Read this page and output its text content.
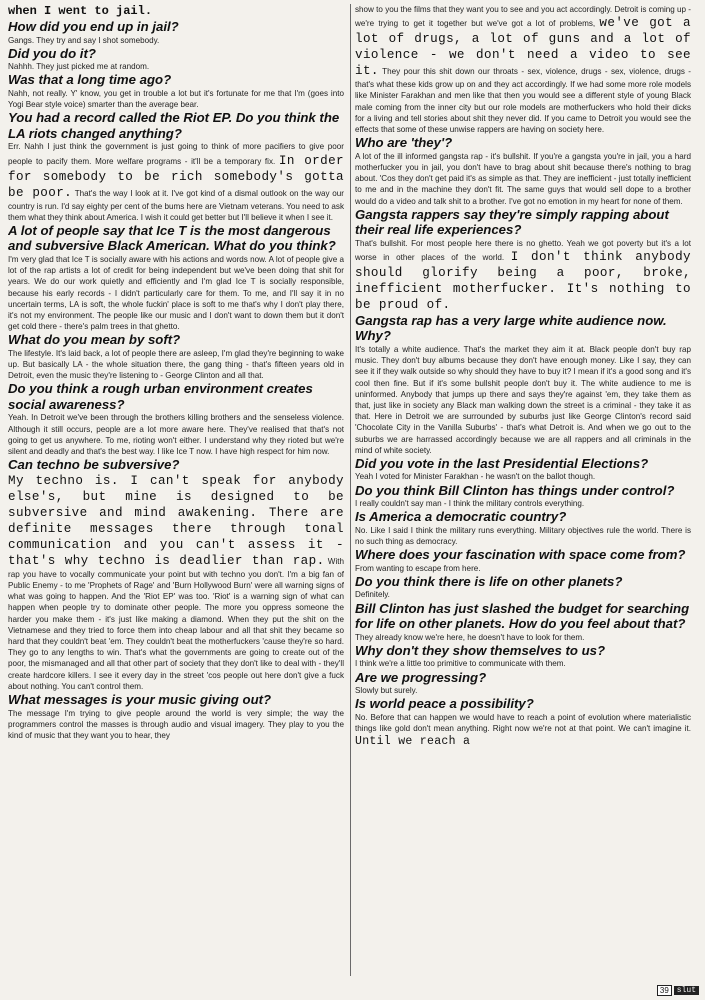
when I went to jail.

How did you end up in jail?

Gangs. They try and say I shot somebody.

Did you do it?

Nahhh. They just picked me at random.

Was that a long time ago?

Nahh, not really. Y' know, you get in trouble a lot but it's fortunate for me that I'm (goes into Yogi Bear style voice) smarter than the average bear.

You had a record called the Riot EP. Do you think the LA riots changed anything?

Err. Nahh I just think the government is just going to think of more pacifiers to give poor people to pacify them. More welfare programs - it'll be a temporary fix. In order for somebody to be rich somebody's gotta be poor. That's the way I look at it. I've got kind of a dismal outlook on the way our country is run. I'd say eighty per cent of the bums here are Vietnam veterans. You need to ask them what they think about America. I wish it could get better but I'll believe it when I see it.

A lot of people say that Ice T is the most dangerous and subversive Black American. What do you think?

I'm very glad that Ice T is socially aware with his actions and words now. A lot of people give a lot of the rap artists a lot of credit for being independent but we've been doing that shit for years. We do our work quietly and efficiently and I'm glad Ice T is socially responsible, because his early records - I didn't particularly care for them. To me, and I'll say it in no uncertain terms, LA is soft, the whole fuckin' place is soft to me that's why I don't play there, it's not my environment. The people like our music and I don't want to down them but it don't get cold there - there's palm trees in that ghetto.

What do you mean by soft?

The lifestyle. It's laid back, a lot of people there are asleep, I'm glad they're beginning to wake up. But basically LA - the whole situation there, the gang thing - that's fifteen years old in Detroit, even the music they're listening to - George Clinton and all that.

Do you think a rough urban environment creates social awareness?

Yeah. In Detroit we've been through the brothers killing brothers and the senseless violence. Although it still occurs, people are a lot more aware here. They've realised that that's not going to get us anywhere. To me, rioting won't either. I understand why they rioted but we're silent and deadly and that's the best way. I like Ice T now. I have high respect for him now.

Can techno be subversive?

My techno is. I can't speak for anybody else's, but mine is designed to be subversive and mind awakening. There are definite messages there through tonal communication and you can't assess it - that's why techno is deadlier than rap. With rap you have to vocally communicate your point but with techno you don't. I'm a big fan of Public Enemy - to me 'Prophets of Rage' and 'Burn Hollywood Burn' were all warning signs of what was going to happen. And the 'Riot EP' was too. 'Riot' is a warning sign of what can happen when people try to dominate other people. The more you oppress someone the harder you make them - it's just like making a diamond. When they put the shit on the Vietnamese and they tried to force them into cheap labour and all that shit they became so hard that they couldn't beat 'em. They couldn't beat the motherfuckers 'cause they're so hard. They go to any lengths to win. That's what the governments are going to create out of the poor, the mismanaged and all that other part of society that they don't like to deal with - they'll create hardcore killers. I see it every day in the street 'cos people out here don't give a fuck about nothing. You can't control them.

What messages is your music giving out?

The message I'm trying to give people around the world is very simple; the way the programmers control the masses is through audio and visual imagery. They play to you the kind of music that they want you to hear, they

show to you the films that they want you to see and you act accordingly. Detroit is coming up - we're trying to get it together but we've got a lot of problems, we've got a lot of drugs, a lot of guns and a lot of violence - we don't need a video to see it. They pour this shit down our throats - sex, violence, drugs - sex, violence, drugs - that's what these kids grow up on and they act accordingly. If we had some more role models like Minister Farakhan and men like that then you would see a different style of young Black male coming from the inner city but our role models are motherfuckers who hold their dicks for a living and tell stories about shit they never did. If you came to Detroit you would see the effects that some of these unwise rappers are having on society here.

Who are 'they'?

A lot of the ill informed gangsta rap - it's bullshit. If you're a gangsta you're in jail, you a hard motherfucker you in jail, you don't have to brag about shit because there's nothing to brag about. 'Cos they don't get paid it's as simple as that. They are inefficient - just totally inefficient to me and in the machine they don't fit. The same guys that would sell dope to a brother would do a video and talk shit to a brother. I've got no emotion in my heart for none of them.

Gangsta rappers say they're simply rapping about their real life experiences?

That's bullshit. For most people here there is no ghetto. Yeah we got poverty but it's a lot worse in other places of the world. I don't think anybody should glorify being a poor, broke, inefficient motherfucker. It's nothing to be proud of.

Gangsta rap has a very large white audience now. Why?

It's totally a white audience. That's the market they aim it at. Black people don't buy rap music. They don't buy albums because they don't have enough money. Like I say, they can see it if they walk outside so why should they have to buy it? I mean if it's a good song and it's cool then fine. But if it's some bullshit people don't buy it. The white audience to me is uninformed. Anybody that jumps up there and says they're against 'em, they take them as that, just like in society any Black man walking down the street is a criminal - they take it as that. Here in Detroit we are surrounded by suburbs just like George Clinton's record said 'Chocolate City in the Vanilla Suburbs' - that's what Detroit is. And when we go out to the suburbs we are harrassed accordingly because we are all rappers and all criminals in the mind of white society.

Did you vote in the last Presidential Elections?

Yeah I voted for Minister Farakhan - he wasn't on the ballot though.

Do you think Bill Clinton has things under control?

I really couldn't say man - I think the military controls everything.

Is America a democratic country?

No. Like I said I think the military runs everything. Military objectives rule the world. There is no such thing as democracy.

Where does your fascination with space come from?

From wanting to escape from here.

Do you think there is life on other planets?

Definitely.

Bill Clinton has just slashed the budget for searching for life on other planets. How do you feel about that?

They already know we're here, he doesn't have to look for them.

Why don't they show themselves to us?

I think we're a little too primitive to communicate with them.

Are we progressing?

Slowly but surely.

Is world peace a possibility?

No. Before that can happen we would have to reach a point of evolution where materialistic things like gold don't mean anything. Right now we're not at that point. We can't imagine it. Until we reach a

39	slut
